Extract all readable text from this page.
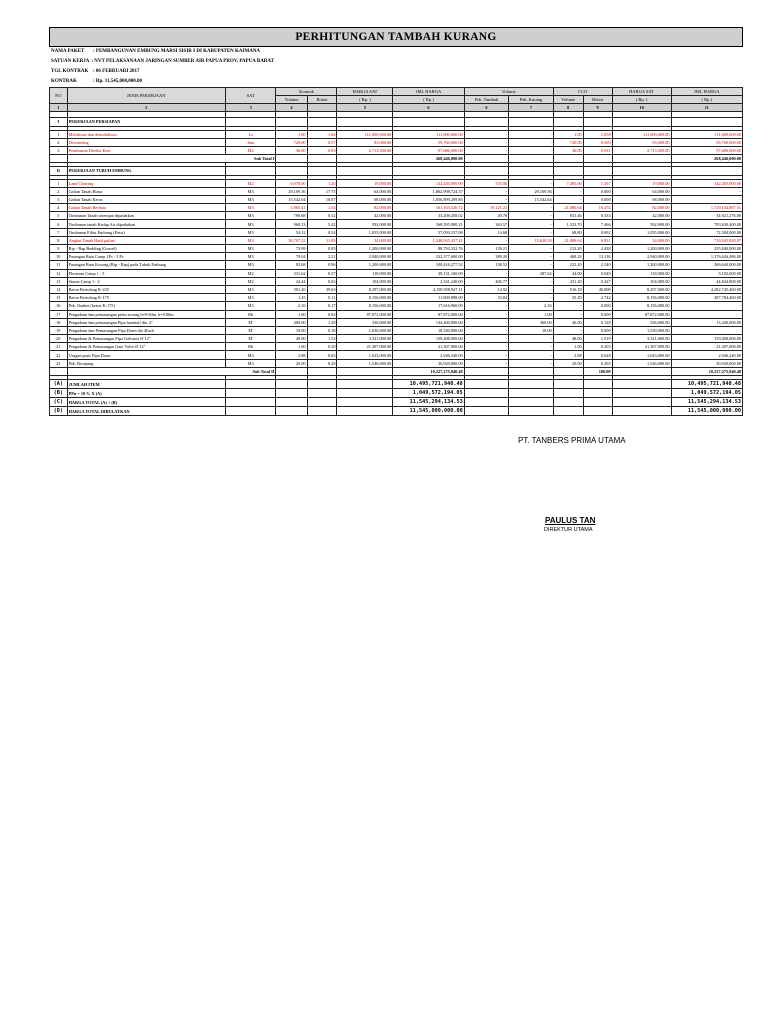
PERHITUNGAN TAMBAH KURANG
NAMA PAKET : PEMBANGUNAN EMBUNG MARSI SISIR I DI KABUPATEN KAIMANA
SATUAN KERJA : NVT PELAKSANAAN JARINGAN SUMBER AIR PAPUA PROV. PAPUA BARAT
TGL KONTRAK : 06 FEBRUARI 2017
KONTRAK	: Rp. 11,545,000,000.00
NO	JENIS PEKERJAAN	SAT	Kontrak		HARGA SAT	JML HARGA	Volume		CCO		HARGA SAT	JML HARGA
			Volume	Bobot	( Rp. )	( Rp )	Pek. Tambah	Pek. Kurang	Volume	Bobot	( Rp. )	( Rp )
1	2	3	4		5	6	6	7	8	9	10	11

I	PEKERJAAN PERSIAPAN											

1	Mobilisasi dan demobilisasi	Ls	1.00	1.06	111,000,000.00	111,000,000.00	-	-	1.00	1.058	111,000,000.00	111,000,000.00
2	Dewatering	Jam	720.00	0.57	83,000.00	59,760,000.00	-	-	720.00	0.569	83,000.00	59,760,000.00
3	Pembuatan Direksi Keet	M2	36.00	0.93	2,713,500.00	97,686,000.00	-	-	36.00	0.931	2,713,500.00	97,686,000.00
	Sub Total I					268,446,000.00						268,446,000.00

II	PEKERJAAN TUBUH EMBUNG											

1	Land Clearing	M2	6,970.00	1.26	19,000.00	132,430,000.00	535.00	-	7,495.00	1.357	19,000.00	142,405,000.00
2	Galian Tanah Biasa	M3	29,109.36	17.75	64,000.00	1,862,998,724.37	-	29,109.36	-	0.000	64,000.00	-
3	Galian Tanah Keras	M3	15,542.64	10.07	68,000.00	1,056,899,209.85	-	15,542.64	-	0.000	68,000.00	-
4	Galian Tanah Berbatu	M3	1,965.41	1.54	82,000.00	161,163,526.72	19,121.23	-	21,086.64	16.474	82,000.00	1,729,104,887.51
5	Timbunan Tanah setempat dipadatkan	M3	790.68	0.32	42,000.00	33,208,458.02	40.78	-	831.46	0.333	42,000.00	34,921,276.00
6	Timbunan tanah Kedap Air dipadatkan	M3	960.13	5.42	592,000.00	568,395,980.21	363.57	-	1,323.70	7.466	592,000.00	783,630,400.00
7	Timbunan Filter Embung (Pasir)	M3	54.12	0.54	1,055,000.00	57,093,157.08	14.68	-	68.80	0.692	1,055,000.00	72,584,000.00
8	Angkut Tanah Hasil galian	M3	36,707.22	11.89	34,000.00	1,248,045,437.21	-	15,620.58	21,086.64	6.831	34,000.00	716,945,920.97
9	Rip - Rap Bedding (Gravel)	M3	73.99	0.85	1,200,000.00	88,793,352.76	139.21	-	213.20	2.438	1,200,000.00	255,840,000.00
10	Pasangan Batu Camp 1Pc : 3 Ps	M3	79.04	2.21	2,940,000.00	232,377,600.00	389.20	-	468.24	13.116	2,940,000.00	1,376,626,486.00
11	Pasangan Batu Kosong (Rip - Rap) pada Tubuh Embung	M3	83.68	0.96	1,200,000.00	100,416,277.52	138.52	-	222.20	2.540	1,200,000.00	266,640,000.00
12	Plesteran Camp 1 : 3	M2	331.62	0.37	118,000.00	39,131,160.00	-	287.62	44.00	0.049	118,000.00	5,192,000.00
13	Siaran Camp 1 : 2	M2	24.44	0.02	104,000.00	2,541,240.00	406.77	-	431.20	0.427	104,000.00	44,844,800.00
14	Beton Bertulang K-225	M3	501.26	39.63	8,297,000.00	4,158,958,947.11	14.92	-	516.18	40.808	8,297,000.00	4,282,745,460.00
15	Beton Bertulang K-175	M3	1.45	0.11	8,156,000.00	11,809,888.00	33.84	-	35.29	2.742	8,156,000.00	287,784,460.00
16	Pek. Ibuthet (beton K-175)	M3	2.16	0.17	8,156,000.00	17,616,960.00	-	2.16	-	0.000	8,156,000.00	-
17	Pengadaan dan pemasangan pintu sorong b=0.60m, h=0.80m	Bh	1.00	0.84	87,872,000.00	87,872,000.00	-	1.00	-	0.000	87,872,000.00	-
18	Pengadaan dan pemasangan Pipa handrail dia. 2"	M'	400.00	1.28	336,000.00	134,400,000.00	-	360.00	40.00	0.128	336,000.00	13,440,000.00
19	Pengadaan dan Pemasangan Pipa Drain dia 4Inch	M'	18.00	0.18	1,030,000.00	18,540,000.00	-	18.00	-	0.000	1,030,000.00	-
20	Pengadaan & Pemasangan Pipa Galvanis Ø 12"	M'	48.00	1.52	3,321,000.00	159,408,000.00	-	-	48.00	1.519	3,321,000.00	159,408,000.00
21	Pengadaan & Pemasangan Gate Valve Ø 12"	Bh	1.00	0.20	21,307,000.00	21,307,000.00	-	-	1.00	0.203	21,307,000.00	21,307,000.00
22	Urugan pasir Pipa Drain	M3	2.88	0.03	1,023,000.00	2,946,240.00	-	-	2.88	0.028	1,023,000.00	2,946,240.00
23	Pek. Bronjong	M3	20.00	0.29	1,546,000.00	30,920,000.00	-	-	20.00	0.295	1,546,000.00	30,920,000.00
	Sub Total II					10,227,275,940.48				100.00		10,227,275,940.48

(A)	JUMLAH ITEM					10,495,721,940.48						10,495,721,940.48
(B)	PPn = 10 % X (A)					1,049,572,194.05						1,049,572,194.05
(C)	HARGA TOTAL (A) + (B)					11,545,294,134.53						11,545,294,134.53
(D)	HARGA TOTAL DIBULATKAN					11,545,000,000.00						11,545,000,000.00
PT. TANBERS PRIMA UTAMA
PAULUS TAN
DIREKTUR UTAMA
